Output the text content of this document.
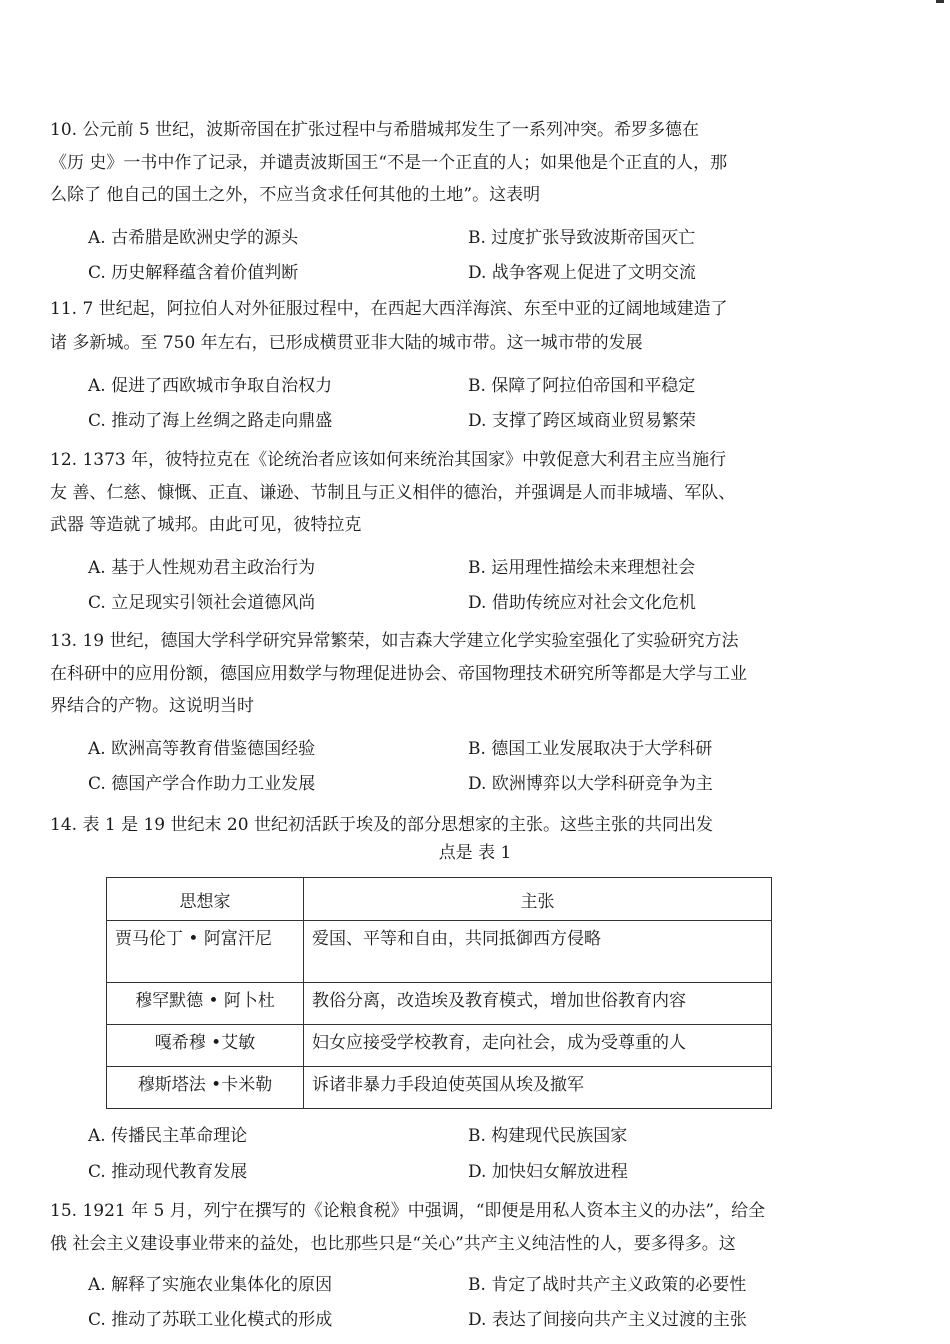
10. 公元前 5 世纪，波斯帝国在扩张过程中与希腊城邦发生了一系列冲突。希罗多德在
《历 史》一书中作了记录，并谴责波斯国王“不是一个正直的人；如果他是个正直的人，那
么除了 他自己的国土之外，不应当贪求任何其他的土地”。这表明
A. 古希腊是欧洲史学的源头	B. 过度扩张导致波斯帝国灭亡
C. 历史解释蕴含着价值判断	D. 战争客观上促进了文明交流
11. 7 世纪起，阿拉伯人对外征服过程中，在西起大西洋海滨、东至中亚的辽阔地域建造了
诸 多新城。至 750 年左右，已形成横贯亚非大陆的城市带。这一城市带的发展
A. 促进了西欧城市争取自治权力	B. 保障了阿拉伯帝国和平稳定
C. 推动了海上丝绸之路走向鼎盛	D. 支撑了跨区域商业贸易繁荣
12. 1373 年，彼特拉克在《论统治者应该如何来统治其国家》中敦促意大利君主应当施行
友 善、仁慈、慷慨、正直、谦逊、节制且与正义相伴的德治，并强调是人而非城墙、军队、
武器 等造就了城邦。由此可见，彼特拉克
A. 基于人性规劝君主政治行为	B. 运用理性描绘未来理想社会
C. 立足现实引领社会道德风尚	D. 借助传统应对社会文化危机
13. 19 世纪，德国大学科学研究异常繁荣，如吉森大学建立化学实验室强化了实验研究方法
在科研中的应用份额，德国应用数学与物理促进协会、帝国物理技术研究所等都是大学与工业
界结合的产物。这说明当时
A. 欧洲高等教育借鉴德国经验	B. 德国工业发展取决于大学科研
C. 德国产学合作助力工业发展	D. 欧洲博弈以大学科研竞争为主
14. 表 1 是 19 世纪末 20 世纪初活跃于埃及的部分思想家的主张。这些主张的共同出发
点是 表 1
思想家	主张
贾马伦丁 • 阿富汗尼	爱国、平等和自由，共同抵御西方侵略
穆罕默德 • 阿卜杜	教俗分离，改造埃及教育模式，增加世俗教育内容
嘎希穆 •艾敏	妇女应接受学校教育，走向社会，成为受尊重的人
穆斯塔法 •卡米勒	诉诸非暴力手段迫使英国从埃及撤军
A. 传播民主革命理论	B. 构建现代民族国家
C. 推动现代教育发展	D. 加快妇女解放进程
15. 1921 年 5 月，列宁在撰写的《论粮食税》中强调，“即便是用私人资本主义的办法”，给全
俄 社会主义建设事业带来的益处，也比那些只是“关心”共产主义纯洁性的人，要多得多。这
A. 解释了实施农业集体化的原因	B. 肯定了战时共产主义政策的必要性
C. 推动了苏联工业化模式的形成	D. 表达了间接向共产主义过渡的主张
